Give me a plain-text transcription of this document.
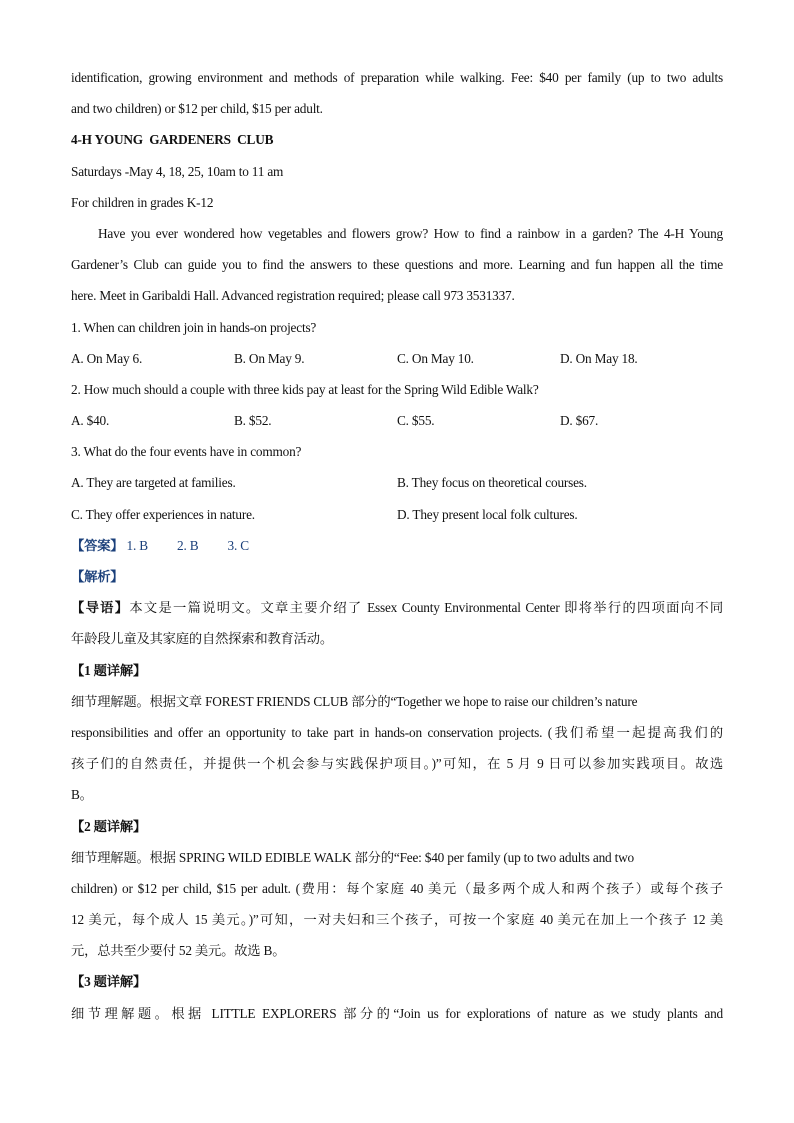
identification, growing environment and methods of preparation while walking. Fee: $40 per family (up to two adults
and two children) or $12 per child, $15 per adult.
4-H YOUNG  GARDENERS  CLUB
Saturdays -May 4, 18, 25, 10am to 11 am
For children in grades K-12
Have you ever wondered how vegetables and flowers grow? How to find a rainbow in a garden? The 4-H Young
Gardener’s Club can guide you to find the answers to these questions and more. Learning and fun happen all the time
here. Meet in Garibaldi Hall. Advanced registration required; please call 973 3531337.
1. When can children join in hands-on projects?
A. On May 6.	B. On May 9.	C. On May 10.	D. On May 18.
2. How much should a couple with three kids pay at least for the Spring Wild Edible Walk?
A. $40.	B. $52.	C. $55.	D. $67.
3. What do the four events have in common?
A. They are targeted at families.	B. They focus on theoretical courses.
C. They offer experiences in nature.	D. They present local folk cultures.
【答案】 1. B 2. B 3. C
【解析】
【导语】本文是一篇说明文。文章主要介绍了 Essex County Environmental Center 即将举行的四项面向不同
年龄段儿童及其家庭的自然探索和教育活动。
【1 题详解】
细节理解题。根据文章 FOREST FRIENDS CLUB 部分的“Together we hope to raise our children’s nature
responsibilities and offer an opportunity to take part in hands-on conservation projects. (我们希望一起提高我们的
孩子们的自然责任，并提供一个机会参与实践保护项目。)”可知，在 5 月 9 日可以参加实践项目。故选
B。
【2 题详解】
细节理解题。根据 SPRING WILD EDIBLE WALK 部分的“Fee: $40 per family (up to two adults and two
children) or $12 per child, $15 per adult. (费用：每个家庭 40 美元（最多两个成人和两个孩子）或每个孩子
12 美元，每个成人 15 美元。)”可知，一对夫妇和三个孩子，可按一个家庭 40 美元在加上一个孩子 12 美
元，总共至少要付 52 美元。故选 B。
【3 题详解】
细节理解题。根据 LITTLE EXPLORERS 部分的“Join us for explorations of nature as we study plants and
